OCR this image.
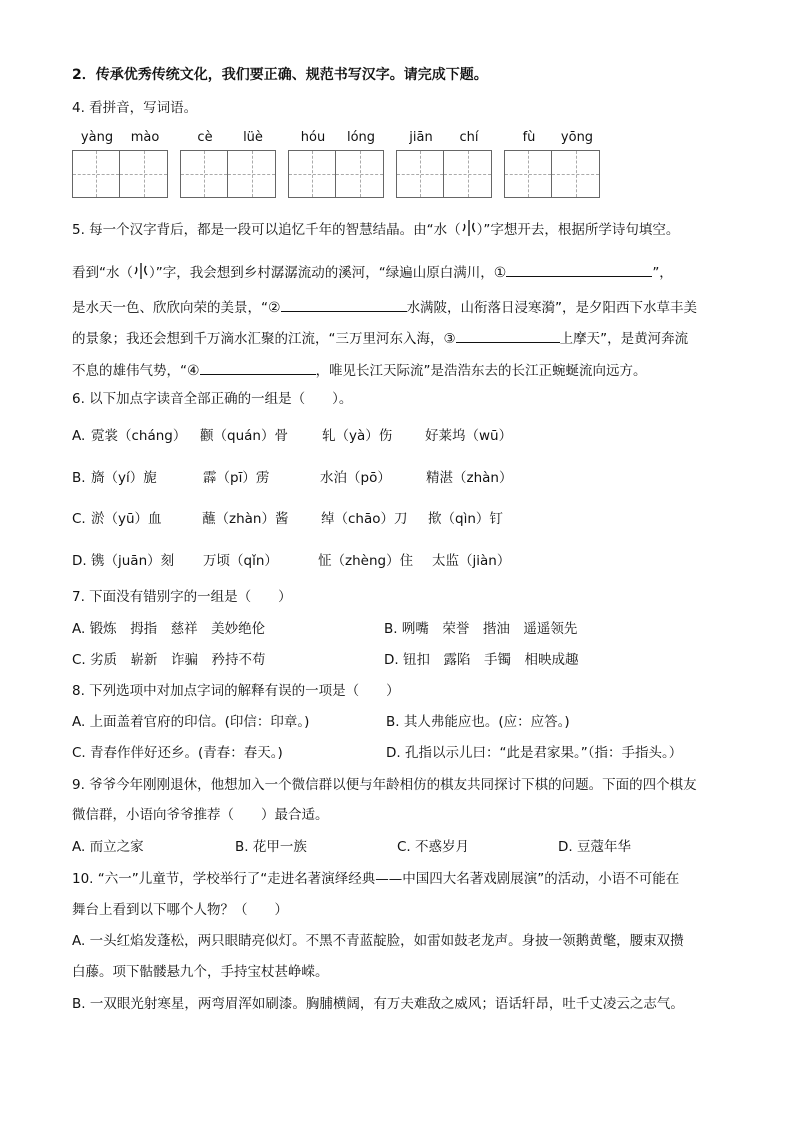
2．传承优秀传统文化，我们要正确、规范书写汉字。请完成下题。
4. 看拼音，写词语。
yàng	mào	cè	lüè	hóu	lóng	jiān	chí	fù	yōng
5. 每一个汉字背后，都是一段可以追忆千年的智慧结晶。由“水（ ）”字想开去，根据所学诗句填空。
看到“水（ ）”字，我会想到乡村潺潺流动的溪河，“绿遍山原白满川，①	”，
是水天一色、欣欣向荣的美景，“②	水满陂，山衔落日浸寒漪”，是夕阳西下水草丰美
的景象；我还会想到千万滴水汇聚的江流，“三万里河东入海，③	上摩天”，是黄河奔流
不息的雄伟气势，“④	，唯见长江天际流”是浩浩东去的长江正蜿蜒流向远方。
6. 以下加点字读音全部正确的一组是（　　）。
A. 霓裳（cháng） 颧（quán）骨	轧（yà）伤 好莱坞（wū）
B. 旖（yí）旎	霹（pī）雳	水泊（pō）	精湛（zhàn）
C. 淤（yū）血	蘸（zhàn）酱 绰（chāo）刀 揿（qìn）钉
D. 镌（juān）刻 万顷（qǐn）	怔（zhèng）住 太监（jiàn）
7. 下面没有错别字的一组是（　　）
A. 锻炼　拇指　慈祥　美妙绝伦	B. 咧嘴　荣誉　揩油　遥遥领先
C. 劣质　崭新　诈骗　矜持不苟	D. 钮扣　露陷　手镯　相映成趣
8. 下列选项中对加点字词的解释有误的一项是（　　）
A. 上面盖着官府的印信。(印信：印章。)	B. 其人弗能应也。(应：应答。)
C. 青春作伴好还乡。(青春：春天。)	D. 孔指以示儿曰：“此是君家果。”（指：手指头。）
9. 爷爷今年刚刚退休，他想加入一个微信群以便与年龄相仿的棋友共同探讨下棋的问题。下面的四个棋友
微信群，小语向爷爷推荐（　　）最合适。
A. 而立之家	B. 花甲一族	C. 不惑岁月	D. 豆蔻年华
10. “六一”儿童节，学校举行了“走进名著演绎经典——中国四大名著戏剧展演”的活动，小语不可能在
舞台上看到以下哪个人物？（　　）
A. 一头红焰发蓬松，两只眼睛亮似灯。不黑不青蓝靛脸，如雷如鼓老龙声。身披一领鹅黄氅，腰束双攒
白藤。项下骷髅悬九个，手持宝杖甚峥嵘。
B. 一双眼光射寒星，两弯眉浑如刷漆。胸脯横阔，有万夫难敌之威风；语话轩昂，吐千丈凌云之志气。
